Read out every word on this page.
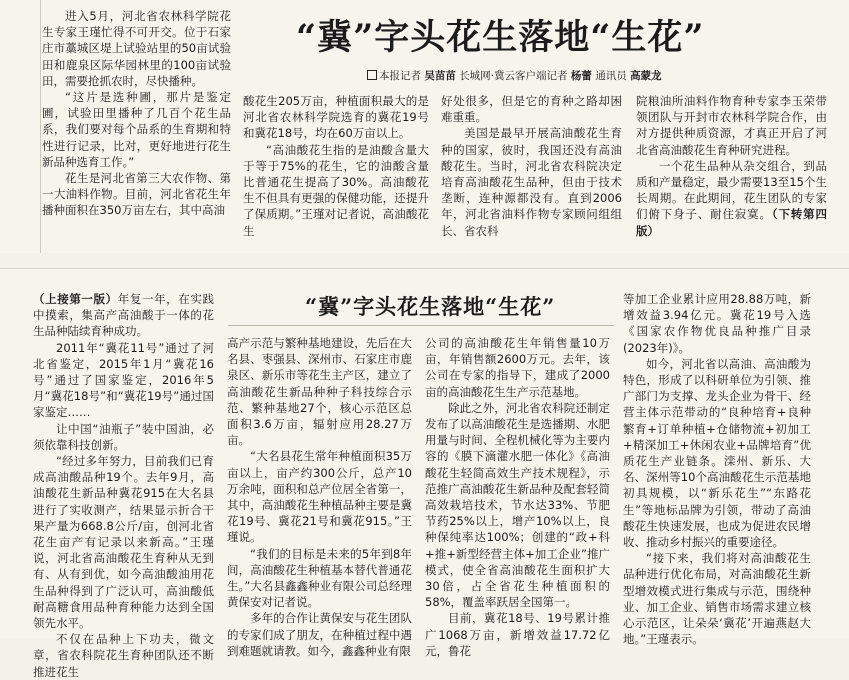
“冀”字头花生落地“生花”
本报记者 吴苗苗 长城网·冀云客户端记者 杨蕾 通讯员 高蒙龙

进入5月，河北省农林科学院花生专家王瑾忙得不可开交。位于石家庄市藁城区堤上试验站里的50亩试验田和鹿泉区际华园林里的100亩试验田，需要抢抓农时，尽快播种。

“这片是选种圃，那片是鉴定圃，试验田里播种了几百个花生品系，我们要对每个品系的生育期和特性进行记录，比对，更好地进行花生新品种选育工作。”

花生是河北省第三大农作物、第一大油料作物。目前，河北省花生年播种面积在350万亩左右，其中高油

酸花生205万亩，种植面积最大的是河北省农林科学院选育的冀花19号和冀花18号，均在60万亩以上。

“高油酸花生指的是油酸含量大于等于75%的花生，它的油酸含量比普通花生提高了30%。高油酸花生不但具有更强的保健功能，还提升了保质期。”王瑾对记者说，高油酸花生

好处很多，但是它的育种之路却困难重重。

美国是最早开展高油酸花生育种的国家，彼时，我国还没有高油酸花生。当时，河北省农科院决定培育高油酸花生品种，但由于技术垄断，连种源都没有。直到2006年，河北省油料作物专家顾问组组长、省农科

院粮油所油料作物育种专家李玉荣带领团队与开封市农林科学院合作，由对方提供种质资源，才真正开启了河北省高油酸花生育种研究进程。

一个花生品种从杂交组合，到品质和产量稳定，最少需要13至15个生长周期。在此期间，花生团队的专家们俯下身子、耐住寂寞。（下转第四版）

“冀”字头花生落地“生花”

（上接第一版）年复一年，在实践中摸索，集高产高油酸于一体的花生品种陆续育种成功。

2011年“冀花11号”通过了河北省鉴定，2015年1月“冀花16号”通过了国家鉴定，2016年5月“冀花18号”和“冀花19号”通过国家鉴定……

让中国“油瓶子”装中国油，必须依靠科技创新。

“经过多年努力，目前我们已育成高油酸品种19个。去年9月，高油酸花生新品种冀花915在大名县进行了实收测产，结果显示折合干果产量为668.8公斤/亩，创河北省花生亩产有记录以来新高。”王瑾说，河北省高油酸花生育种从无到有、从有到优，如今高油酸油用花生品种得到了广泛认可，高油酸低耐高糖食用品种育种能力达到全国领先水平。

不仅在品种上下功夫，微文章，省农科院花生育种团队还不断推进花生

高产示范与繁种基地建设，先后在大名县、枣强县、深州市、石家庄市鹿泉区、新乐市等花生主产区，建立了高油酸花生新品种种子科技综合示范、繁种基地27个，核心示范区总面积3.6万亩，辐射应用28.27万亩。

“大名县花生常年种植面积35万亩以上，亩产约300公斤，总产10万余吨，面积和总产位居全省第一，其中，高油酸花生种植品种主要是冀花19号、冀花21号和冀花915。”王瑾说。

“我们的目标是未来的5年到8年间，高油酸花生种植基本替代普通花生。”大名县鑫鑫种业有限公司总经理黄保安对记者说。

多年的合作让黄保安与花生团队的专家们成了朋友，在种植过程中遇到难题就请教。如今，鑫鑫种业有限

公司的高油酸花生年销售量10万亩，年销售额2600万元。去年，该公司在专家的指导下，建成了2000亩的高油酸花生生产示范基地。

除此之外，河北省农科院还制定发布了以高油酸花生是选播期、水肥用量与时间、全程机械化等为主要内容的《膜下滴灌水肥一体化》《高油酸花生轻简高效生产技术规程》，示范推广高油酸花生新品种及配套轻简高效栽培技术，节水达33%、节肥节药25%以上，增产10%以上，良种保纯率达100%；创建的“政+科+推+新型经营主体+加工企业”推广模式，使全省高油酸花生面积扩大30倍，占全省花生种植面积的58%，覆盖率跃居全国第一。

目前，冀花18号、19号累计推广1068万亩，新增效益17.72亿元，鲁花

等加工企业累计应用28.88万吨，新增效益3.94亿元。冀花19号入选《国家农作物优良品种推广目录(2023年)》。

如今，河北省以高油、高油酸为特色，形成了以科研单位为引领、推广部门为支撑、龙头企业为骨干、经营主体示范带动的“良种培育+良种繁育+订单种植+仓储物流+初加工+精深加工+休闲农业+品牌培育”优质花生产业链条。滦州、新乐、大名、深州等10个高油酸花生示范基地初具规模，以“新乐花生”“东路花生”等地标品牌为引领，带动了高油酸花生快速发展，也成为促进农民增收、推动乡村振兴的重要途径。

“接下来，我们将对高油酸花生品种进行优化布局，对高油酸花生新型增效模式进行集成与示范，围绕种业、加工企业、销售市场需求建立核心示范区，让朵朵‘冀花’开遍燕赵大地。”王瑾表示。
